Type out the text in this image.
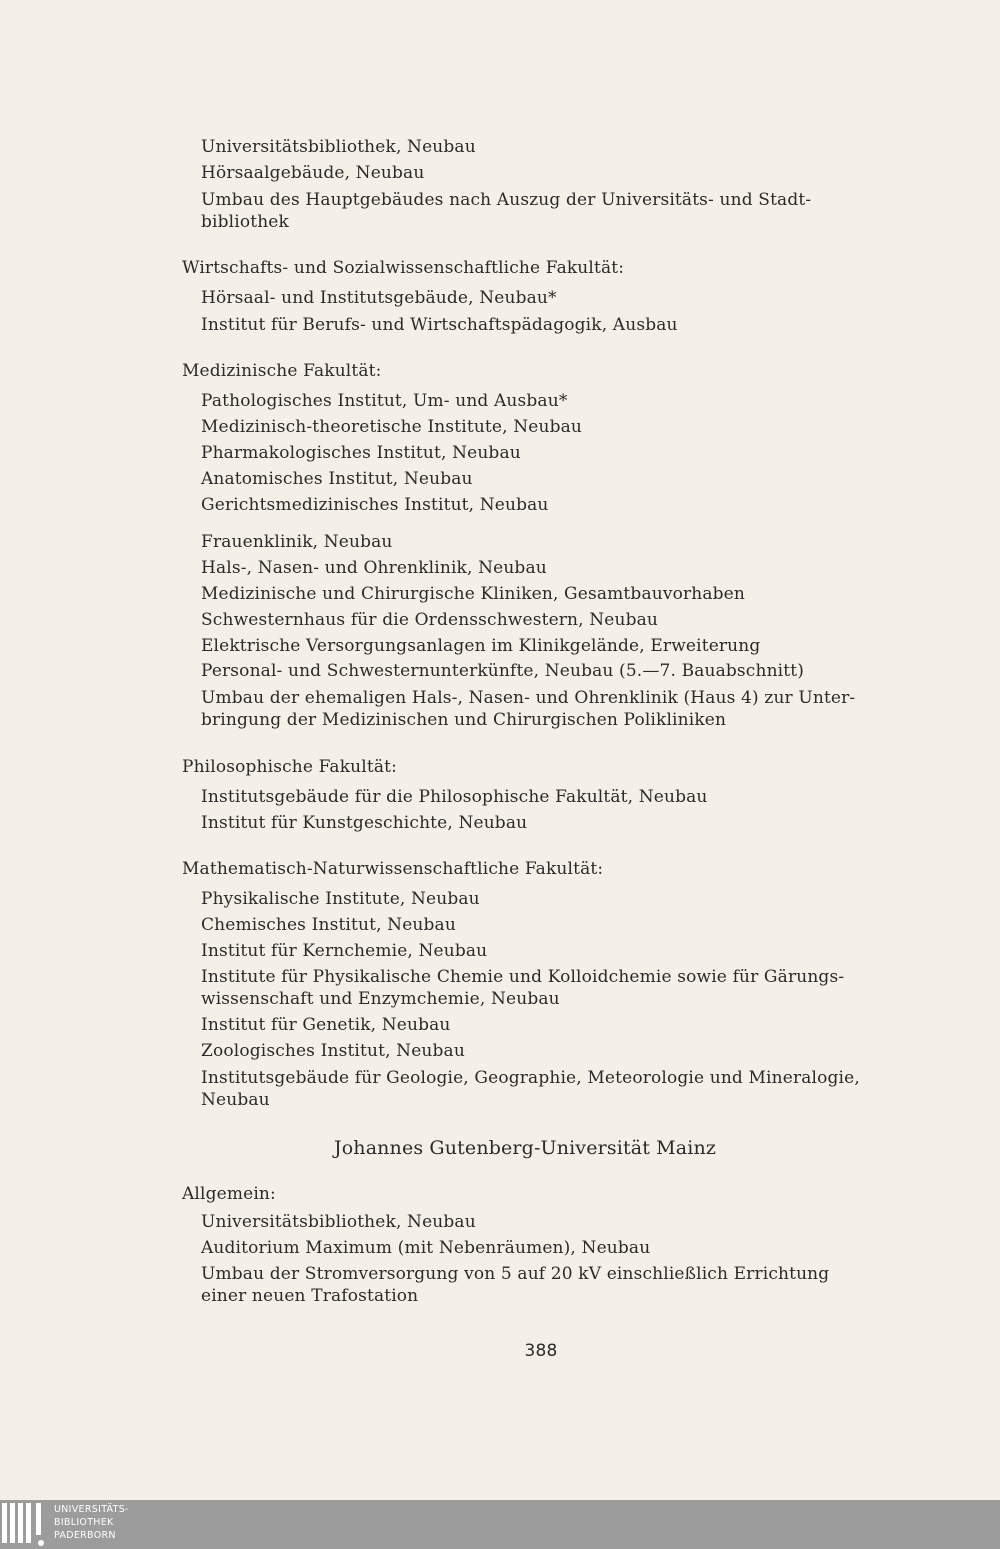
Universitätsbibliothek, Neubau
Hörsaalgebäude, Neubau
Umbau des Hauptgebäudes nach Auszug der Universitäts- und Stadt-
bibliothek
Wirtschafts- und Sozialwissenschaftliche Fakultät:
Hörsaal- und Institutsgebäude, Neubau*
Institut für Berufs- und Wirtschaftspädagogik, Ausbau
Medizinische Fakultät:
Pathologisches Institut, Um- und Ausbau*
Medizinisch-theoretische Institute, Neubau
Pharmakologisches Institut, Neubau
Anatomisches Institut, Neubau
Gerichtsmedizinisches Institut, Neubau
Frauenklinik, Neubau
Hals-, Nasen- und Ohrenklinik, Neubau
Medizinische und Chirurgische Kliniken, Gesamtbauvorhaben
Schwesternhaus für die Ordensschwestern, Neubau
Elektrische Versorgungsanlagen im Klinikgelände, Erweiterung
Personal- und Schwesternunterkünfte, Neubau (5.—7. Bauabschnitt)
Umbau der ehemaligen Hals-, Nasen- und Ohrenklinik (Haus 4) zur Unter-
bringung der Medizinischen und Chirurgischen Polikliniken
Philosophische Fakultät:
Institutsgebäude für die Philosophische Fakultät, Neubau
Institut für Kunstgeschichte, Neubau
Mathematisch-Naturwissenschaftliche Fakultät:
Physikalische Institute, Neubau
Chemisches Institut, Neubau
Institut für Kernchemie, Neubau
Institute für Physikalische Chemie und Kolloidchemie sowie für Gärungs-
wissenschaft und Enzymchemie, Neubau
Institut für Genetik, Neubau
Zoologisches Institut, Neubau
Institutsgebäude für Geologie, Geographie, Meteorologie und Mineralogie,
Neubau
Johannes Gutenberg-Universität Mainz
Allgemein:
Universitätsbibliothek, Neubau
Auditorium Maximum (mit Nebenräumen), Neubau
Umbau der Stromversorgung von 5 auf 20 kV einschließlich Errichtung
einer neuen Trafostation
388
UNIVERSITÄTS-
BIBLIOTHEK
PADERBORN
